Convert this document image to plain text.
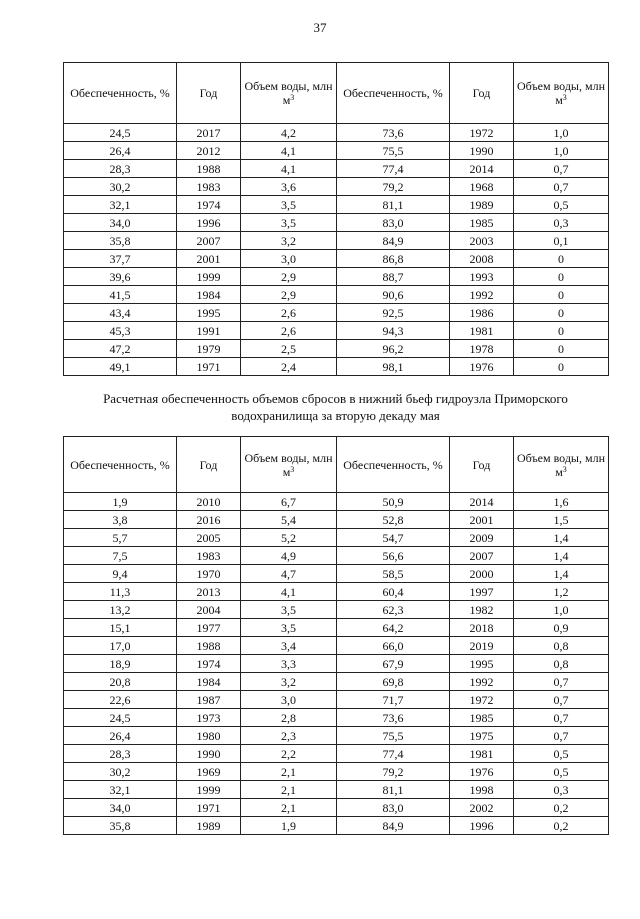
37
Обеспеченность, %	Год	Объем воды, млн $м^3$	Обеспеченность, %	Год	Объем воды, млн $м^3$
24,5	2017	4,2	73,6	1972	1,0
26,4	2012	4,1	75,5	1990	1,0
28,3	1988	4,1	77,4	2014	0,7
30,2	1983	3,6	79,2	1968	0,7
32,1	1974	3,5	81,1	1989	0,5
34,0	1996	3,5	83,0	1985	0,3
35,8	2007	3,2	84,9	2003	0,1
37,7	2001	3,0	86,8	2008	0
39,6	1999	2,9	88,7	1993	0
41,5	1984	2,9	90,6	1992	0
43,4	1995	2,6	92,5	1986	0
45,3	1991	2,6	94,3	1981	0
47,2	1979	2,5	96,2	1978	0
49,1	1971	2,4	98,1	1976	0
Расчетная обеспеченность объемов сбросов в нижний бьеф гидроузла Приморского
водохранилища за вторую декаду мая
Обеспеченность, %	Год	Объем воды, млн $м^3$	Обеспеченность, %	Год	Объем воды, млн $м^3$
1,9	2010	6,7	50,9	2014	1,6
3,8	2016	5,4	52,8	2001	1,5
5,7	2005	5,2	54,7	2009	1,4
7,5	1983	4,9	56,6	2007	1,4
9,4	1970	4,7	58,5	2000	1,4
11,3	2013	4,1	60,4	1997	1,2
13,2	2004	3,5	62,3	1982	1,0
15,1	1977	3,5	64,2	2018	0,9
17,0	1988	3,4	66,0	2019	0,8
18,9	1974	3,3	67,9	1995	0,8
20,8	1984	3,2	69,8	1992	0,7
22,6	1987	3,0	71,7	1972	0,7
24,5	1973	2,8	73,6	1985	0,7
26,4	1980	2,3	75,5	1975	0,7
28,3	1990	2,2	77,4	1981	0,5
30,2	1969	2,1	79,2	1976	0,5
32,1	1999	2,1	81,1	1998	0,3
34,0	1971	2,1	83,0	2002	0,2
35,8	1989	1,9	84,9	1996	0,2
